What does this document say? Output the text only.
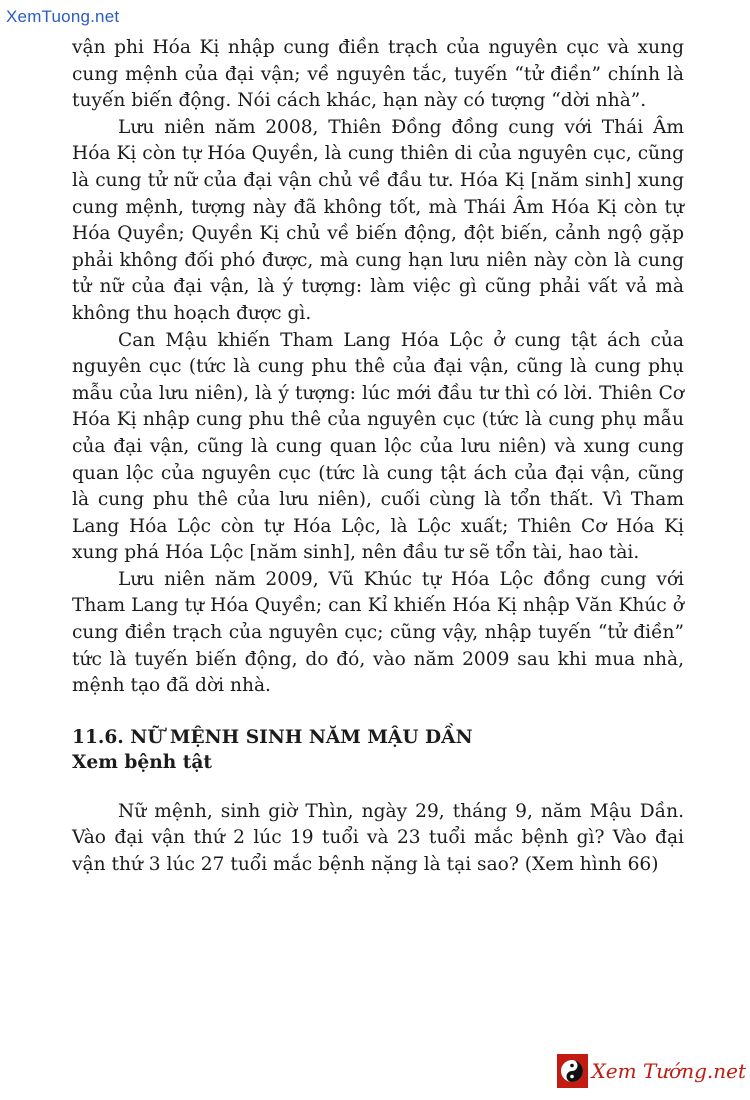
XemTuong.net

vận phi Hóa Kị nhập cung điền trạch của nguyên cục và xung cung mệnh của đại vận; về nguyên tắc, tuyến “tử điền” chính là tuyến biến động. Nói cách khác, hạn này có tượng “dời nhà”.

Lưu niên năm 2008, Thiên Đồng đồng cung với Thái Âm Hóa Kị còn tự Hóa Quyền, là cung thiên di của nguyên cục, cũng là cung tử nữ của đại vận chủ về đầu tư. Hóa Kị [năm sinh] xung cung mệnh, tượng này đã không tốt, mà Thái Âm Hóa Kị còn tự Hóa Quyền; Quyền Kị chủ về biến động, đột biến, cảnh ngộ gặp phải không đối phó được, mà cung hạn lưu niên này còn là cung tử nữ của đại vận, là ý tượng: làm việc gì cũng phải vất vả mà không thu hoạch được gì.

Can Mậu khiến Tham Lang Hóa Lộc ở cung tật ách của nguyên cục (tức là cung phu thê của đại vận, cũng là cung phụ mẫu của lưu niên), là ý tượng: lúc mới đầu tư thì có lời. Thiên Cơ Hóa Kị nhập cung phu thê của nguyên cục (tức là cung phụ mẫu của đại vận, cũng là cung quan lộc của lưu niên) và xung cung quan lộc của nguyên cục (tức là cung tật ách của đại vận, cũng là cung phu thê của lưu niên), cuối cùng là tổn thất. Vì Tham Lang Hóa Lộc còn tự Hóa Lộc, là Lộc xuất; Thiên Cơ Hóa Kị xung phá Hóa Lộc [năm sinh], nên đầu tư sẽ tổn tài, hao tài.

Lưu niên năm 2009, Vũ Khúc tự Hóa Lộc đồng cung với Tham Lang tự Hóa Quyền; can Kỉ khiến Hóa Kị nhập Văn Khúc ở cung điền trạch của nguyên cục; cũng vậy, nhập tuyến “tử điền” tức là tuyến biến động, do đó, vào năm 2009 sau khi mua nhà, mệnh tạo đã dời nhà.

11.6. NỮ MỆNH SINH NĂM MẬU DẦN
Xem bệnh tật

Nữ mệnh, sinh giờ Thìn, ngày 29, tháng 9, năm Mậu Dần. Vào đại vận thứ 2 lúc 19 tuổi và 23 tuổi mắc bệnh gì? Vào đại vận thứ 3 lúc 27 tuổi mắc bệnh nặng là tại sao? (Xem hình 66)

Xem Tướng.net
